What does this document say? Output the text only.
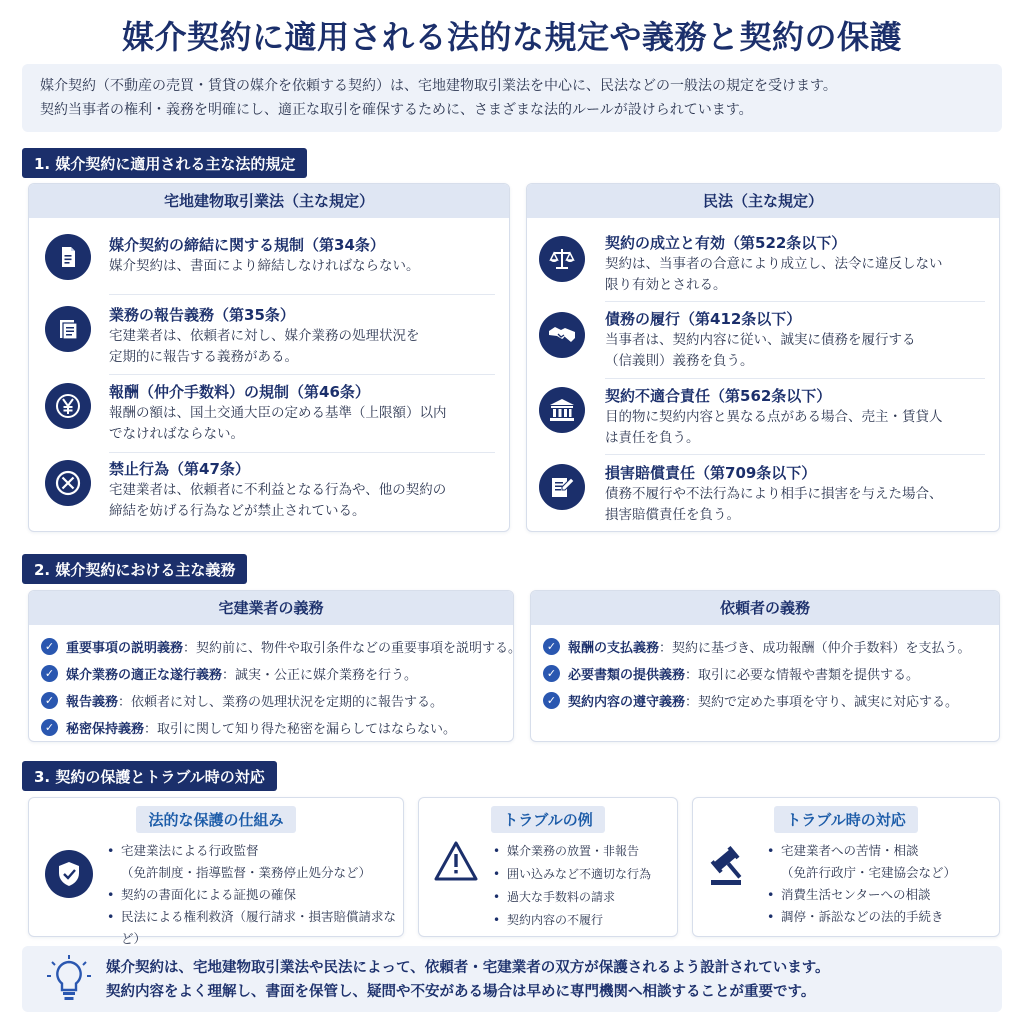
媒介契約に適用される法的な規定や義務と契約の保護
媒介契約（不動産の売買・賃貸の媒介を依頼する契約）は、宅地建物取引業法を中心に、民法などの一般法の規定を受けます。
契約当事者の権利・義務を明確にし、適正な取引を確保するために、さまざまな法的ルールが設けられています。
1. 媒介契約に適用される主な法的規定
宅地建物取引業法（主な規定）
媒介契約の締結に関する規制（第34条）
媒介契約は、書面により締結しなければならない。
業務の報告義務（第35条）
宅建業者は、依頼者に対し、媒介業務の処理状況を
定期的に報告する義務がある。
報酬（仲介手数料）の規制（第46条）
報酬の額は、国土交通大臣の定める基準（上限額）以内
でなければならない。
禁止行為（第47条）
宅建業者は、依頼者に不利益となる行為や、他の契約の
締結を妨げる行為などが禁止されている。
民法（主な規定）
契約の成立と有効（第522条以下）
契約は、当事者の合意により成立し、法令に違反しない
限り有効とされる。
債務の履行（第412条以下）
当事者は、契約内容に従い、誠実に債務を履行する
（信義則）義務を負う。
契約不適合責任（第562条以下）
目的物に契約内容と異なる点がある場合、売主・賃貸人
は責任を負う。
損害賠償責任（第709条以下）
債務不履行や不法行為により相手に損害を与えた場合、
損害賠償責任を負う。
2. 媒介契約における主な義務
宅建業者の義務
✓ 重要事項の説明義務 ：契約前に、物件や取引条件などの重要事項を説明する。
✓ 媒介業務の適正な遂行義務 ：誠実・公正に媒介業務を行う。
✓ 報告義務 ：依頼者に対し、業務の処理状況を定期的に報告する。
✓ 秘密保持義務 ：取引に関して知り得た秘密を漏らしてはならない。
依頼者の義務
✓ 報酬の支払義務 ：契約に基づき、成功報酬（仲介手数料）を支払う。
✓ 必要書類の提供義務 ：取引に必要な情報や書類を提供する。
✓ 契約内容の遵守義務 ：契約で定めた事項を守り、誠実に対応する。
3. 契約の保護とトラブル時の対応
法的な保護の仕組み
• 宅建業法による行政監督
（免許制度・指導監督・業務停止処分など）
• 契約の書面化による証拠の確保
• 民法による権利救済（履行請求・損害賠償請求など）
トラブルの例
• 媒介業務の放置・非報告
• 囲い込みなど不適切な行為
• 過大な手数料の請求
• 契約内容の不履行
トラブル時の対応
• 宅建業者への苦情・相談
（免許行政庁・宅建協会など）
• 消費生活センターへの相談
• 調停・訴訟などの法的手続き
媒介契約は、宅地建物取引業法や民法によって、依頼者・宅建業者の双方が保護されるよう設計されています。
契約内容をよく理解し、書面を保管し、疑問や不安がある場合は早めに専門機関へ相談することが重要です。
